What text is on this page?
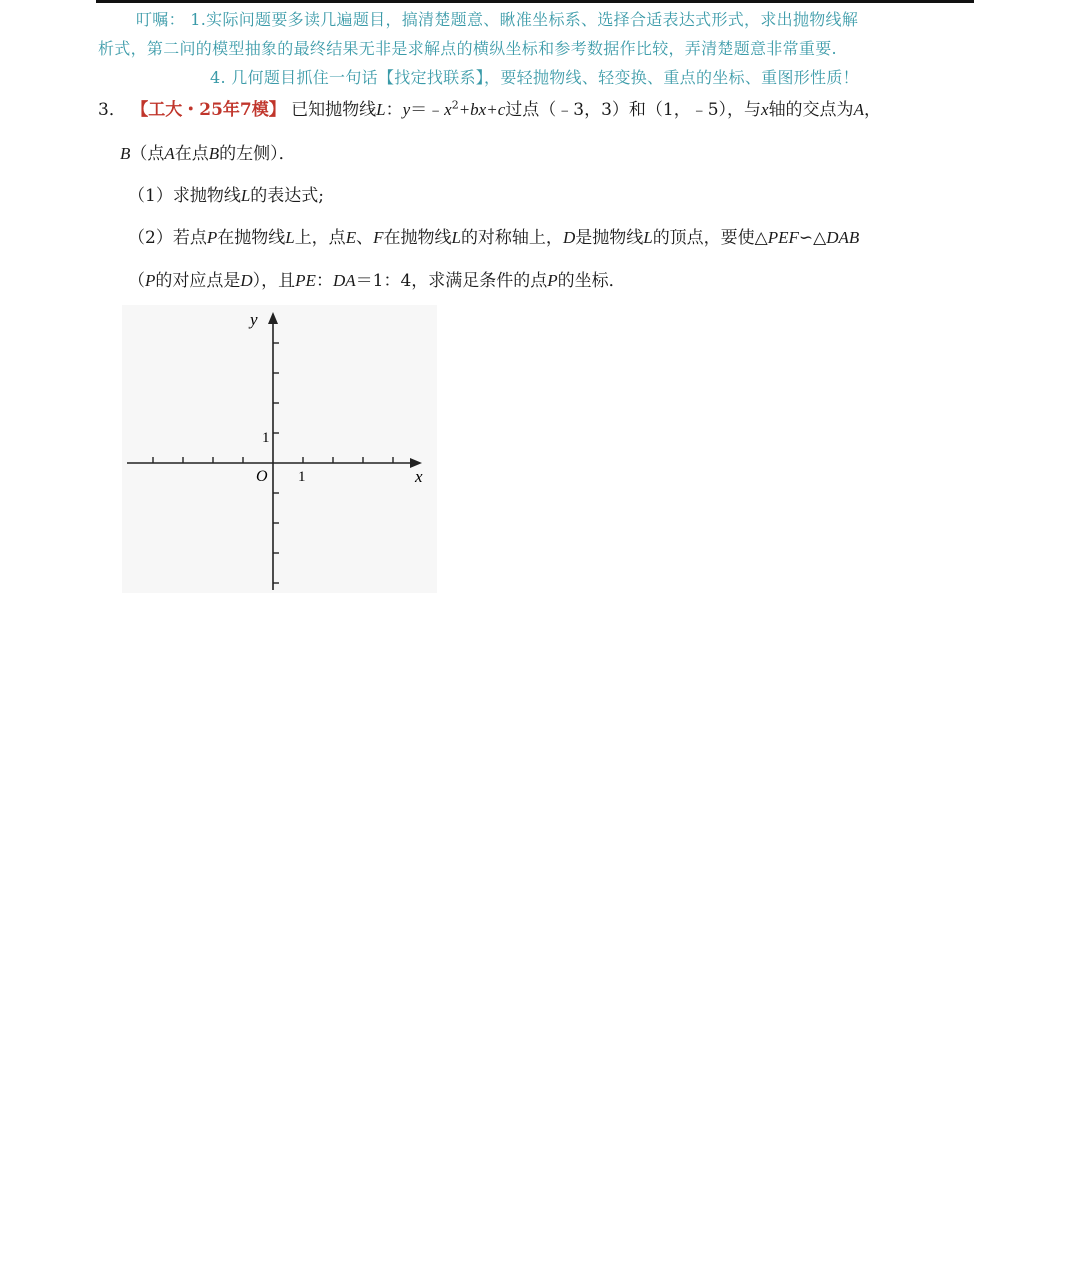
叮嘱： 1.实际问题要多读几遍题目，搞清楚题意、瞅准坐标系、选择合适表达式形式，求出抛物线解
析式，第二问的模型抽象的最终结果无非是求解点的横纵坐标和参考数据作比较，弄清楚题意非常重要.
4. 几何题目抓住一句话【找定找联系】，要轻抛物线、轻变换、重点的坐标、重图形性质！
3． 【工大・25年7模】 已知抛物线L：$y=﹣x^2+bx+c$过点（﹣3，3）和（1，﹣5），与x轴的交点为A，
B（点A在点B的左侧）．
（1）求抛物线L的表达式;
（2）若点P在抛物线L上，点E、F在抛物线L的对称轴上，D是抛物线L的顶点，要使△PEF∽△DAB
（P的对应点是D），且PE：DA＝1：4，求满足条件的点P的坐标．
y
x
O 1
1
